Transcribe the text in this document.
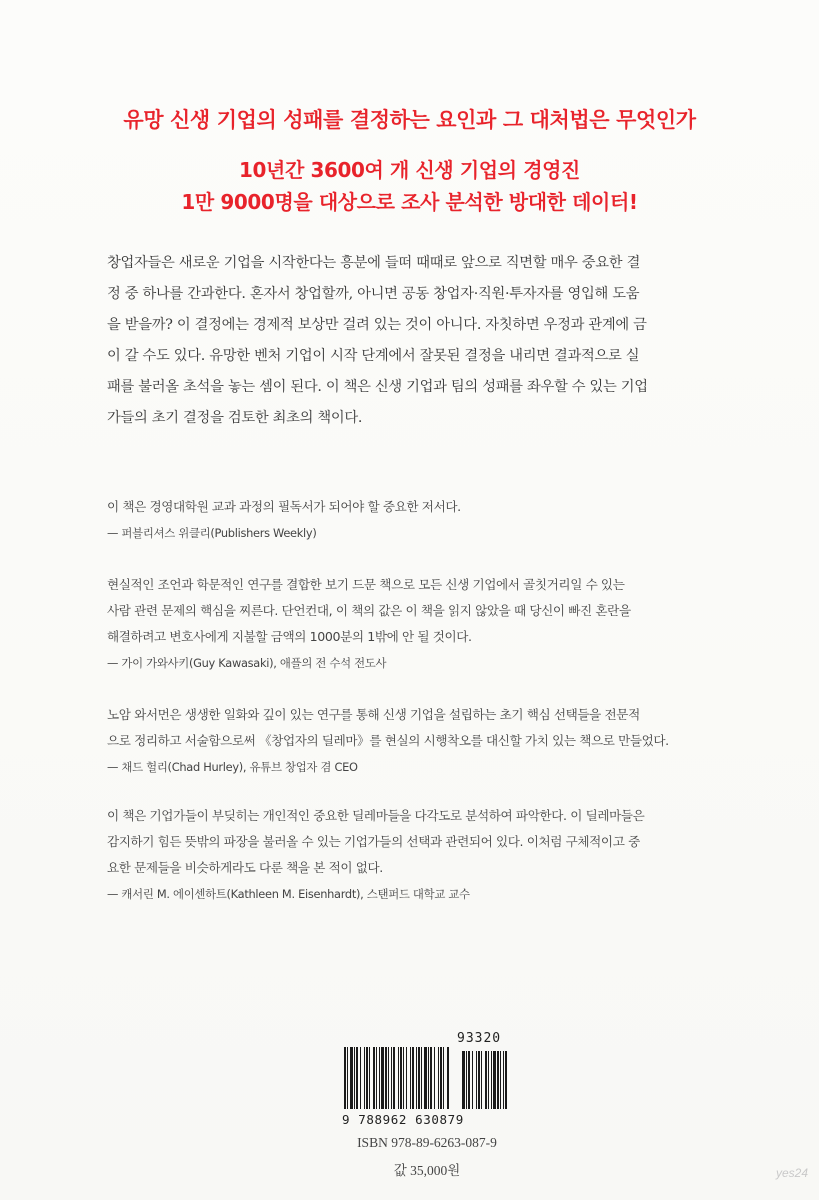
유망 신생 기업의 성패를 결정하는 요인과 그 대처법은 무엇인가
10년간 3600여 개 신생 기업의 경영진
1만 9000명을 대상으로 조사 분석한 방대한 데이터!
창업자들은 새로운 기업을 시작한다는 흥분에 들떠 때때로 앞으로 직면할 매우 중요한 결
정 중 하나를 간과한다. 혼자서 창업할까, 아니면 공동 창업자·직원·투자자를 영입해 도움
을 받을까? 이 결정에는 경제적 보상만 걸려 있는 것이 아니다. 자칫하면 우정과 관계에 금
이 갈 수도 있다. 유망한 벤처 기업이 시작 단계에서 잘못된 결정을 내리면 결과적으로 실
패를 불러올 초석을 놓는 셈이 된다. 이 책은 신생 기업과 팀의 성패를 좌우할 수 있는 기업
가들의 초기 결정을 검토한 최초의 책이다.
이 책은 경영대학원 교과 과정의 필독서가 되어야 할 중요한 저서다.
— 퍼블리셔스 위클리(Publishers Weekly)
현실적인 조언과 학문적인 연구를 결합한 보기 드문 책으로 모든 신생 기업에서 골칫거리일 수 있는
사람 관련 문제의 핵심을 찌른다. 단언컨대, 이 책의 값은 이 책을 읽지 않았을 때 당신이 빠진 혼란을
해결하려고 변호사에게 지불할 금액의 1000분의 1밖에 안 될 것이다.
— 가이 가와사키(Guy Kawasaki), 애플의 전 수석 전도사
노암 와서먼은 생생한 일화와 깊이 있는 연구를 통해 신생 기업을 설립하는 초기 핵심 선택들을 전문적
으로 정리하고 서술함으로써 《창업자의 딜레마》를 현실의 시행착오를 대신할 가치 있는 책으로 만들었다.
— 채드 헐리(Chad Hurley), 유튜브 창업자 겸 CEO
이 책은 기업가들이 부딪히는 개인적인 중요한 딜레마들을 다각도로 분석하여 파악한다. 이 딜레마들은
감지하기 힘든 뜻밖의 파장을 불러올 수 있는 기업가들의 선택과 관련되어 있다. 이처럼 구체적이고 중
요한 문제들을 비슷하게라도 다룬 책을 본 적이 없다.
— 캐서린 M. 에이센하트(Kathleen M. Eisenhardt), 스탠퍼드 대학교 교수
93320
9 788962 630879
ISBN 978-89-6263-087-9
값 35,000원	yes24
